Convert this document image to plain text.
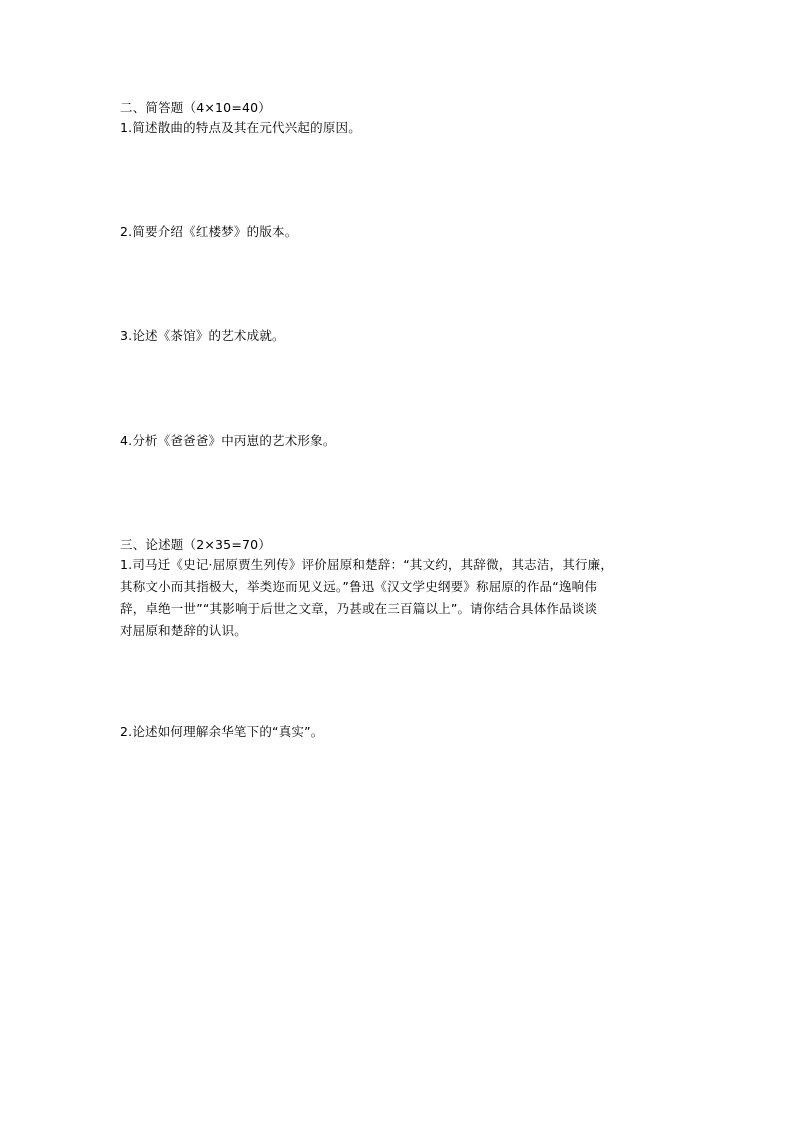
二、简答题（4×10=40）
1.简述散曲的特点及其在元代兴起的原因。
2.简要介绍《红楼梦》的版本。
3.论述《茶馆》的艺术成就。
4.分析《爸爸爸》中丙崽的艺术形象。
三、论述题（2×35=70）
1.司马迁《史记·屈原贾生列传》评价屈原和楚辞：“其文约，其辞微，其志洁，其行廉，
其称文小而其指极大，举类迩而见义远。”鲁迅《汉文学史纲要》称屈原的作品“逸响伟
辞，卓绝一世”“其影响于后世之文章，乃甚或在三百篇以上”。请你结合具体作品谈谈
对屈原和楚辞的认识。
2.论述如何理解余华笔下的“真实”。
